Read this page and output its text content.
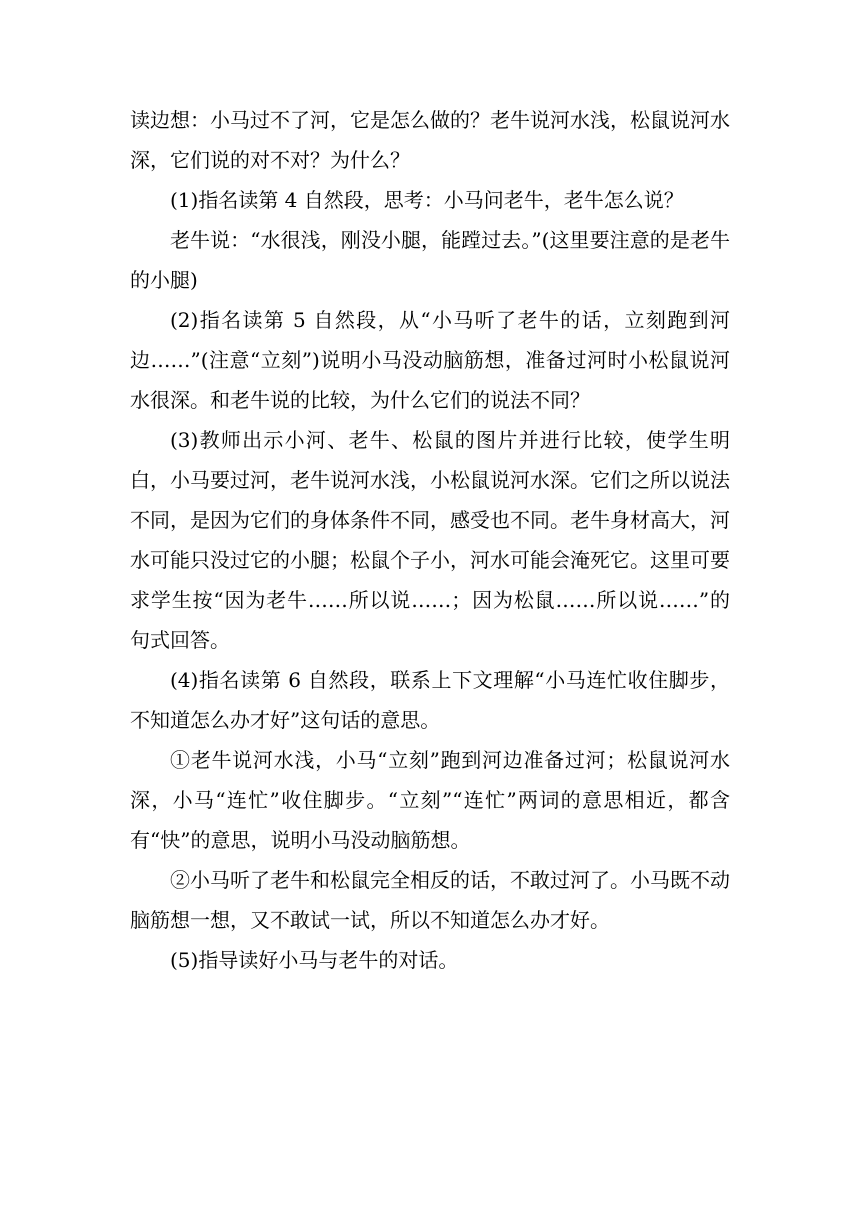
读边想：小马过不了河，它是怎么做的？老牛说河水浅，松鼠说河水深，它们说的对不对？为什么？

(1)指名读第 4 自然段，思考：小马问老牛，老牛怎么说？

老牛说：“水很浅，刚没小腿，能蹚过去。”(这里要注意的是老牛的小腿)

(2)指名读第 5 自然段，从“小马听了老牛的话，立刻跑到河边……”(注意“立刻”)说明小马没动脑筋想，准备过河时小松鼠说河水很深。和老牛说的比较，为什么它们的说法不同？

(3)教师出示小河、老牛、松鼠的图片并进行比较，使学生明白，小马要过河，老牛说河水浅，小松鼠说河水深。它们之所以说法不同，是因为它们的身体条件不同，感受也不同。老牛身材高大，河水可能只没过它的小腿；松鼠个子小，河水可能会淹死它。这里可要求学生按“因为老牛……所以说……；因为松鼠……所以说……”的句式回答。

(4)指名读第 6 自然段，联系上下文理解“小马连忙收住脚步，不知道怎么办才好”这句话的意思。

①老牛说河水浅，小马“立刻”跑到河边准备过河；松鼠说河水深，小马“连忙”收住脚步。“立刻”“连忙”两词的意思相近，都含有“快”的意思，说明小马没动脑筋想。

②小马听了老牛和松鼠完全相反的话，不敢过河了。小马既不动脑筋想一想，又不敢试一试，所以不知道怎么办才好。

(5)指导读好小马与老牛的对话。
